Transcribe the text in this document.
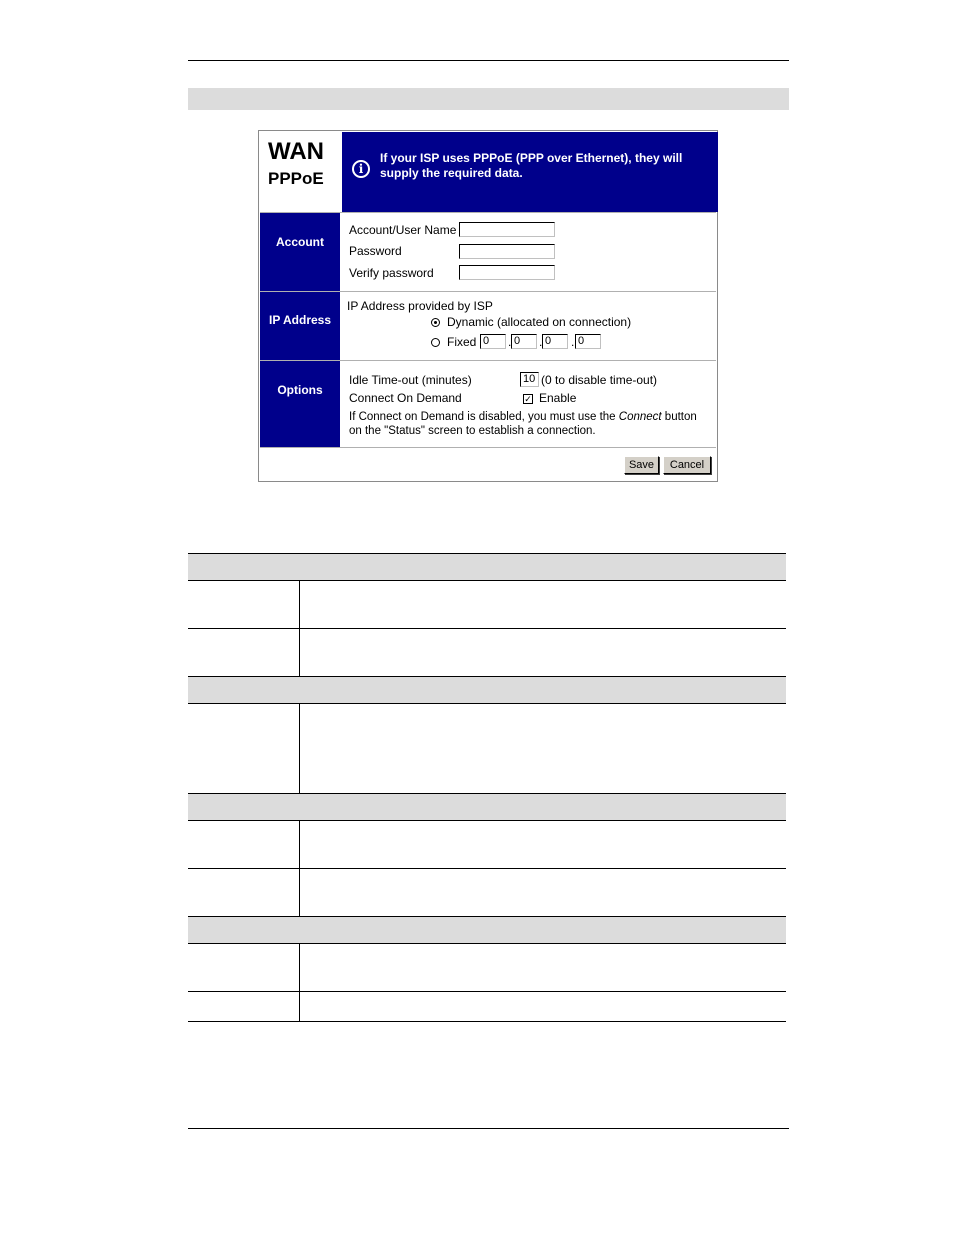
WAN
PPPoE	i
If your ISP uses PPPoE (PPP over Ethernet), they will
supply the required data.
Account
Account/User Name
Password
Verify password
IP Address
IP Address provided by ISP
Dynamic (allocated on connection)
Fixed 0	. 0	. 0	. 0
Options
Idle Time-out (minutes)	10 (0 to disable time-out)
Connect On Demand	✓ Enable
If Connect on Demand is disabled, you must use the Connect button
on the "Status" screen to establish a connection.
Save	Cancel
